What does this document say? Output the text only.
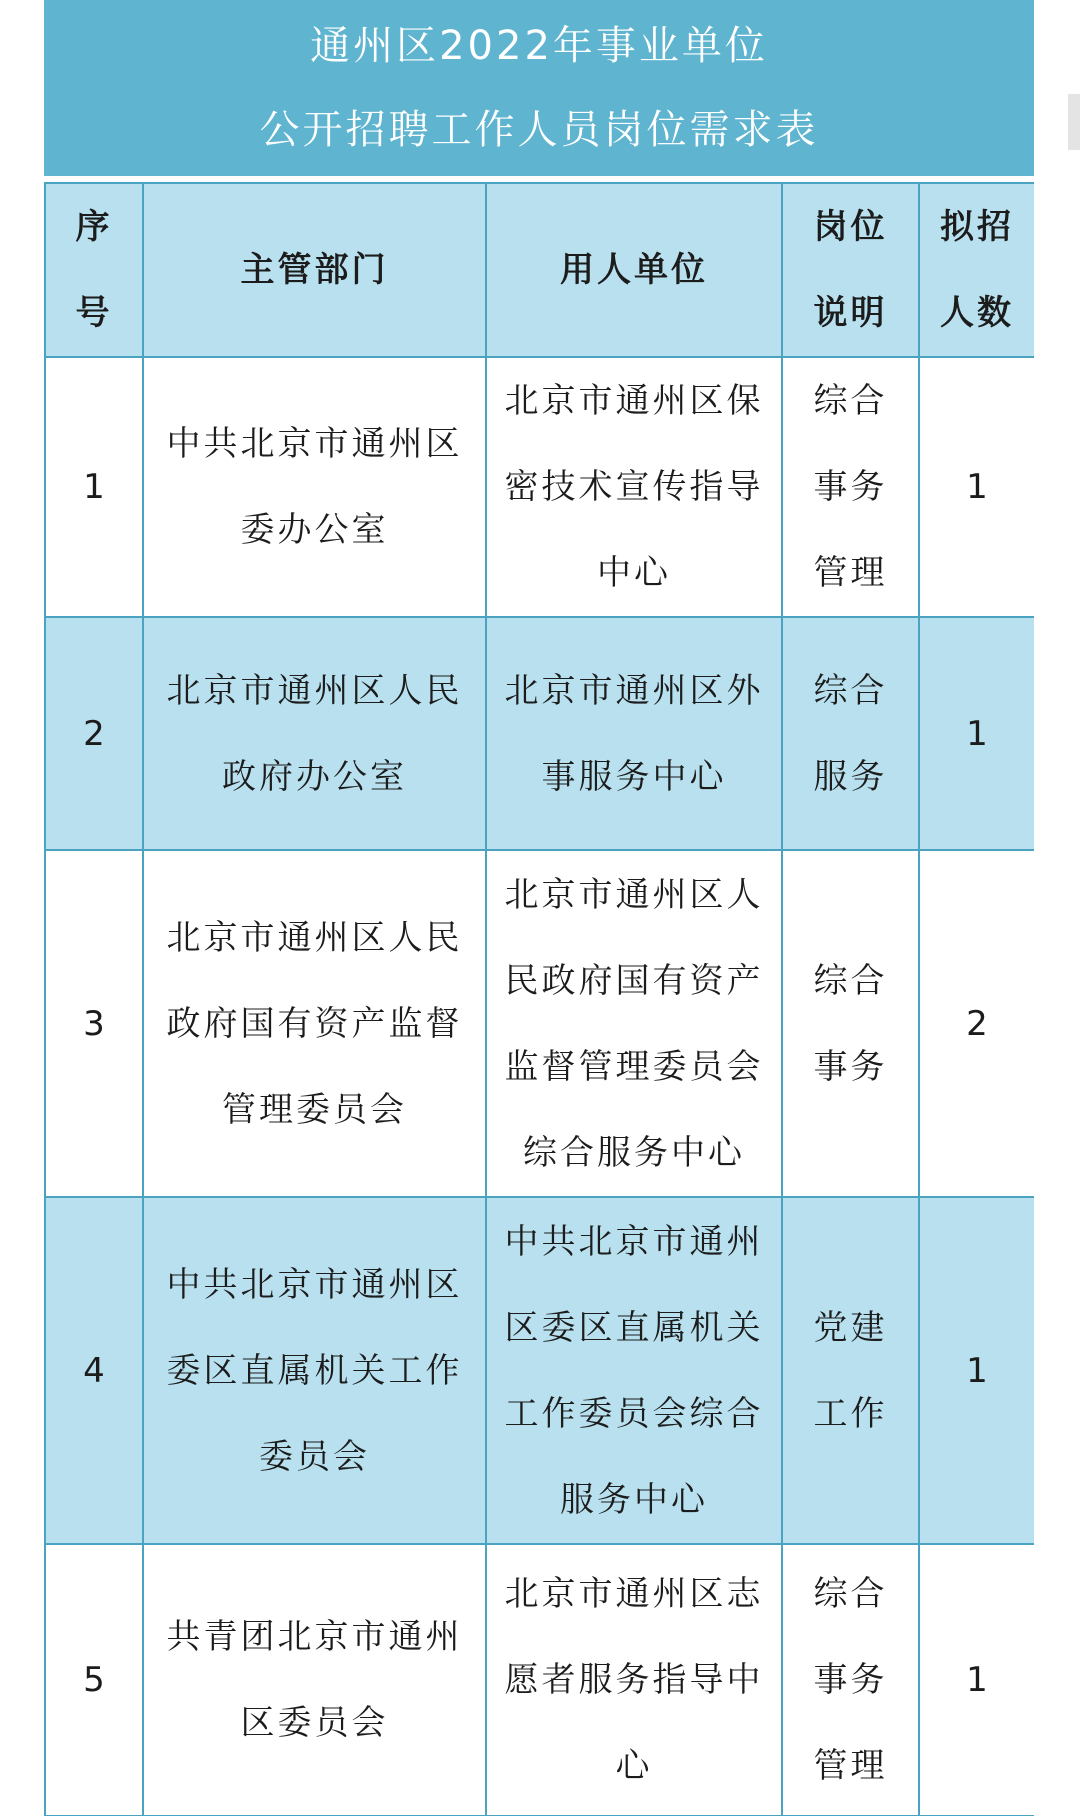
通州区2022年事业单位
公开招聘工作人员岗位需求表
序号	主管部门	用人单位	岗位说明	拟招人数
1	中共北京市通州区委办公室	北京市通州区保密技术宣传指导中心	综合事务管理	1
2	北京市通州区人民政府办公室	北京市通州区外事服务中心	综合服务	1
3	北京市通州区人民政府国有资产监督管理委员会	北京市通州区人民政府国有资产监督管理委员会综合服务中心	综合事务	2
4	中共北京市通州区委区直属机关工作委员会	中共北京市通州区委区直属机关工作委员会综合服务中心	党建工作	1
5	共青团北京市通州区委员会	北京市通州区志愿者服务指导中心	综合事务管理	1
